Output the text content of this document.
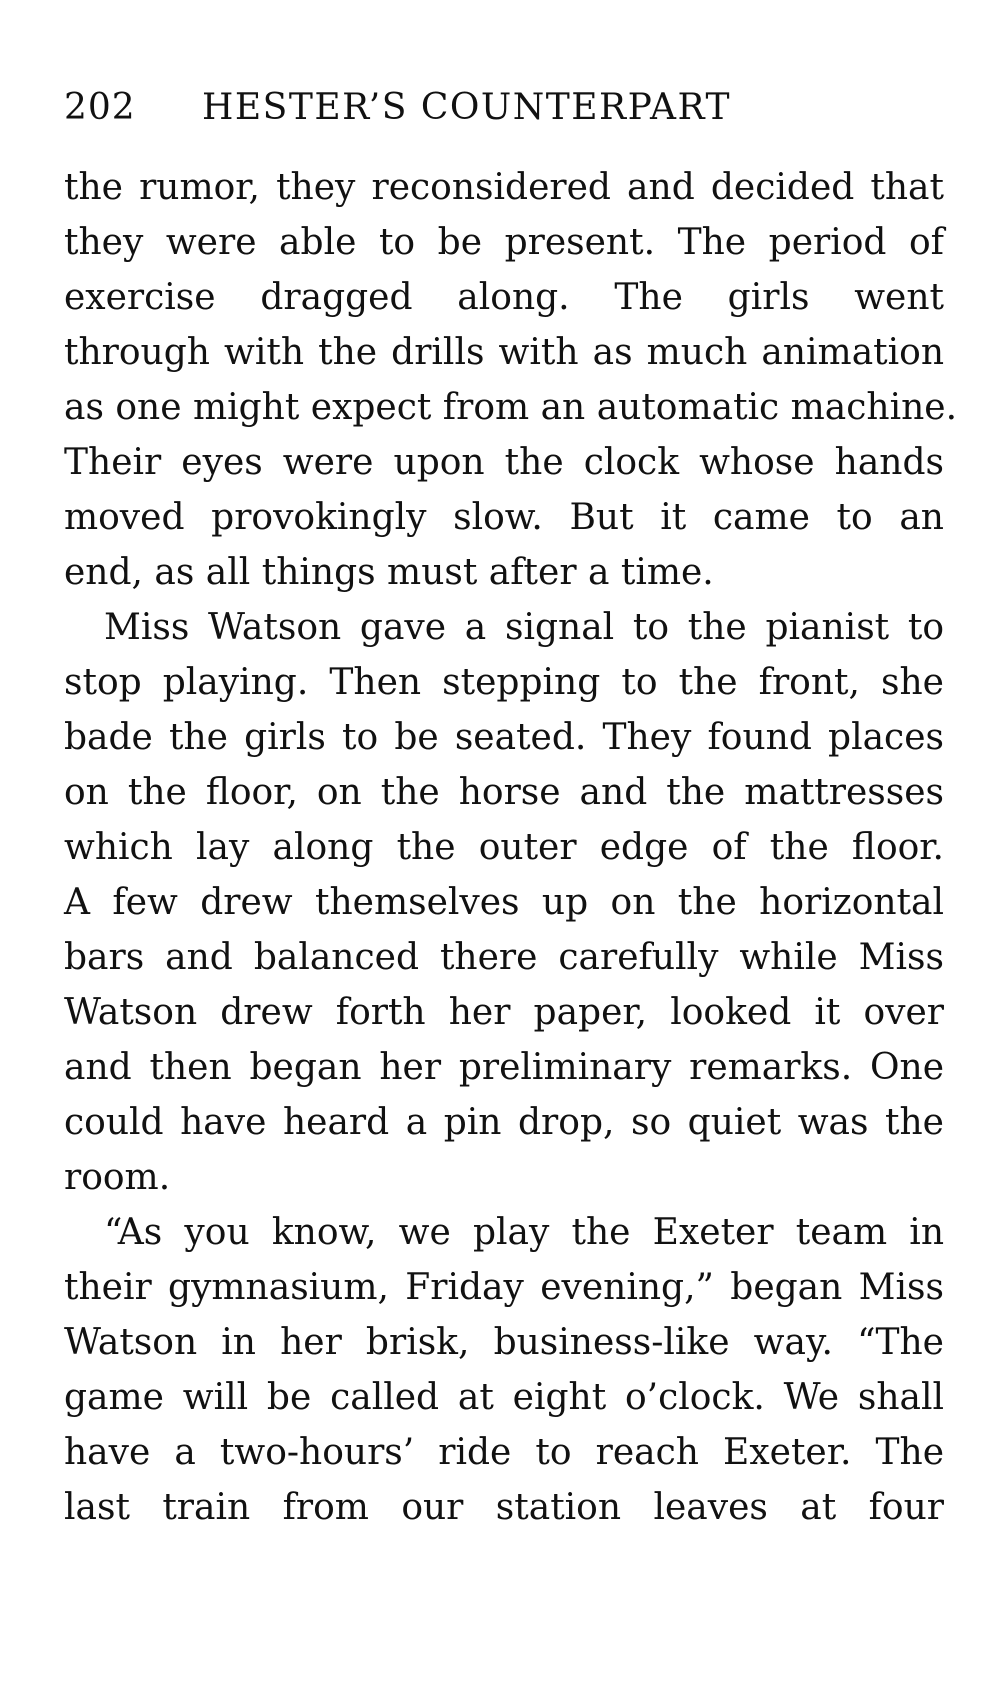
202 HESTER’S COUNTERPART
the rumor, they reconsidered and decided that
they were able to be present. The period of
exercise dragged along. The girls went
through with the drills with as much animation
as one might expect from an automatic machine.
Their eyes were upon the clock whose hands
moved provokingly slow. But it came to an
end, as all things must after a time.
Miss Watson gave a signal to the pianist to
stop playing. Then stepping to the front, she
bade the girls to be seated. They found places
on the floor, on the horse and the mattresses
which lay along the outer edge of the floor.
A few drew themselves up on the horizontal
bars and balanced there carefully while Miss
Watson drew forth her paper, looked it over
and then began her preliminary remarks. One
could have heard a pin drop, so quiet was the
room.
“As you know, we play the Exeter team in
their gymnasium, Friday evening,” began Miss
Watson in her brisk, business-like way. “The
game will be called at eight o’clock. We shall
have a two-hours’ ride to reach Exeter. The
last train from our station leaves at four
